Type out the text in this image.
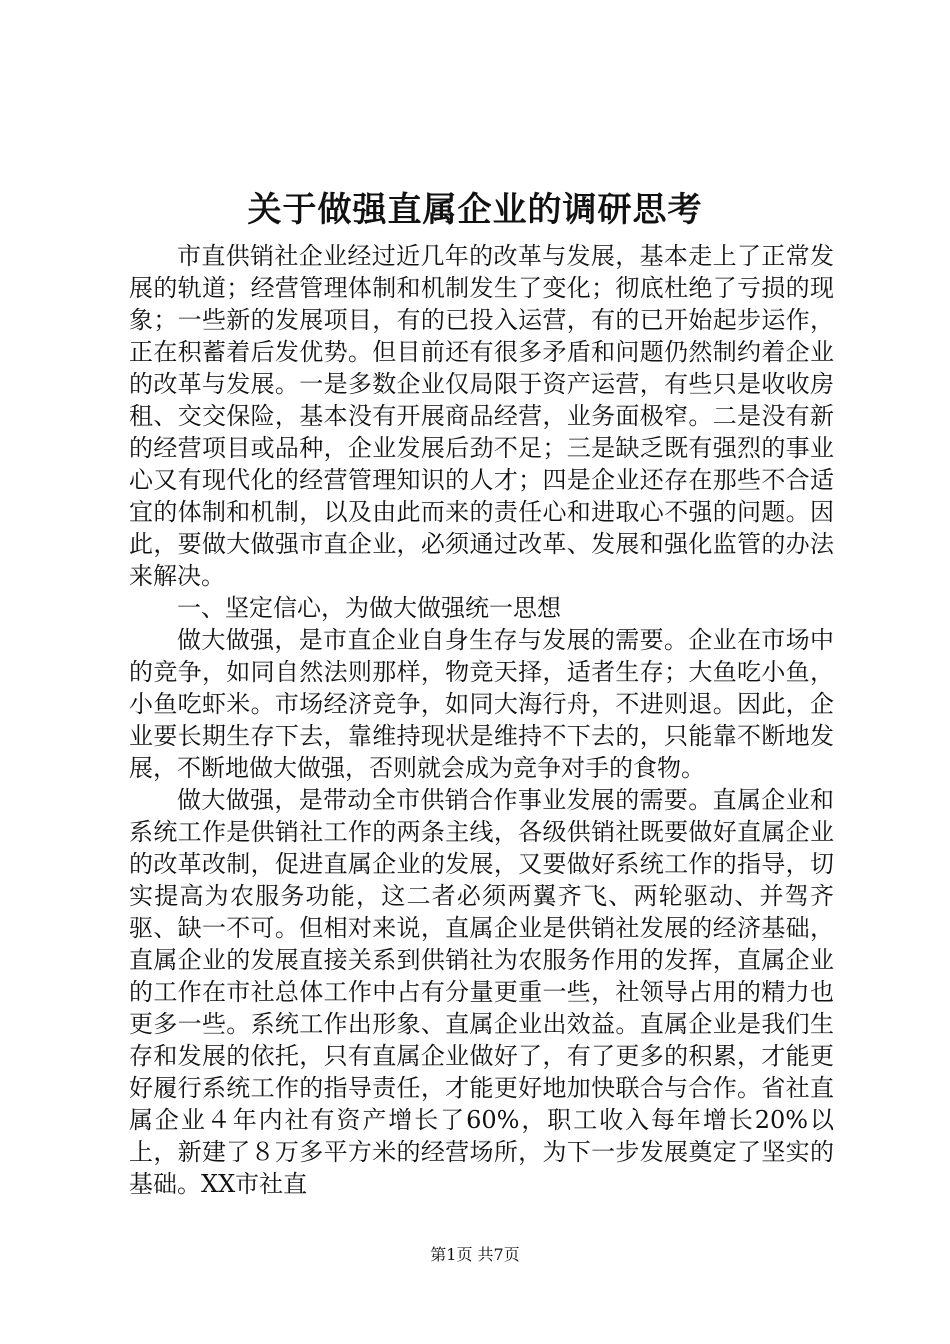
关于做强直属企业的调研思考

市直供销社企业经过近几年的改革与发展，基本走上了正常发展的轨道；经营管理体制和机制发生了变化；彻底杜绝了亏损的现象；一些新的发展项目，有的已投入运营，有的已开始起步运作，正在积蓄着后发优势。但目前还有很多矛盾和问题仍然制约着企业的改革与发展。一是多数企业仅局限于资产运营，有些只是收收房租、交交保险，基本没有开展商品经营，业务面极窄。二是没有新的经营项目或品种，企业发展后劲不足；三是缺乏既有强烈的事业心又有现代化的经营管理知识的人才；四是企业还存在那些不合适宜的体制和机制，以及由此而来的责任心和进取心不强的问题。因此，要做大做强市直企业，必须通过改革、发展和强化监管的办法来解决。

一、坚定信心，为做大做强统一思想

做大做强，是市直企业自身生存与发展的需要。企业在市场中的竞争，如同自然法则那样，物竞天择，适者生存；大鱼吃小鱼，小鱼吃虾米。市场经济竞争，如同大海行舟，不进则退。因此，企业要长期生存下去，靠维持现状是维持不下去的，只能靠不断地发展，不断地做大做强，否则就会成为竞争对手的食物。

做大做强，是带动全市供销合作事业发展的需要。直属企业和系统工作是供销社工作的两条主线，各级供销社既要做好直属企业的改革改制，促进直属企业的发展，又要做好系统工作的指导，切实提高为农服务功能，这二者必须两翼齐飞、两轮驱动、并驾齐驱、缺一不可。但相对来说，直属企业是供销社发展的经济基础，直属企业的发展直接关系到供销社为农服务作用的发挥，直属企业的工作在市社总体工作中占有分量更重一些，社领导占用的精力也更多一些。系统工作出形象、直属企业出效益。直属企业是我们生存和发展的依托，只有直属企业做好了，有了更多的积累，才能更好履行系统工作的指导责任，才能更好地加快联合与合作。省社直属企业４年内社有资产增长了60%，职工收入每年增长20%以上，新建了８万多平方米的经营场所，为下一步发展奠定了坚实的基础。XX市社直

第1页 共7页
